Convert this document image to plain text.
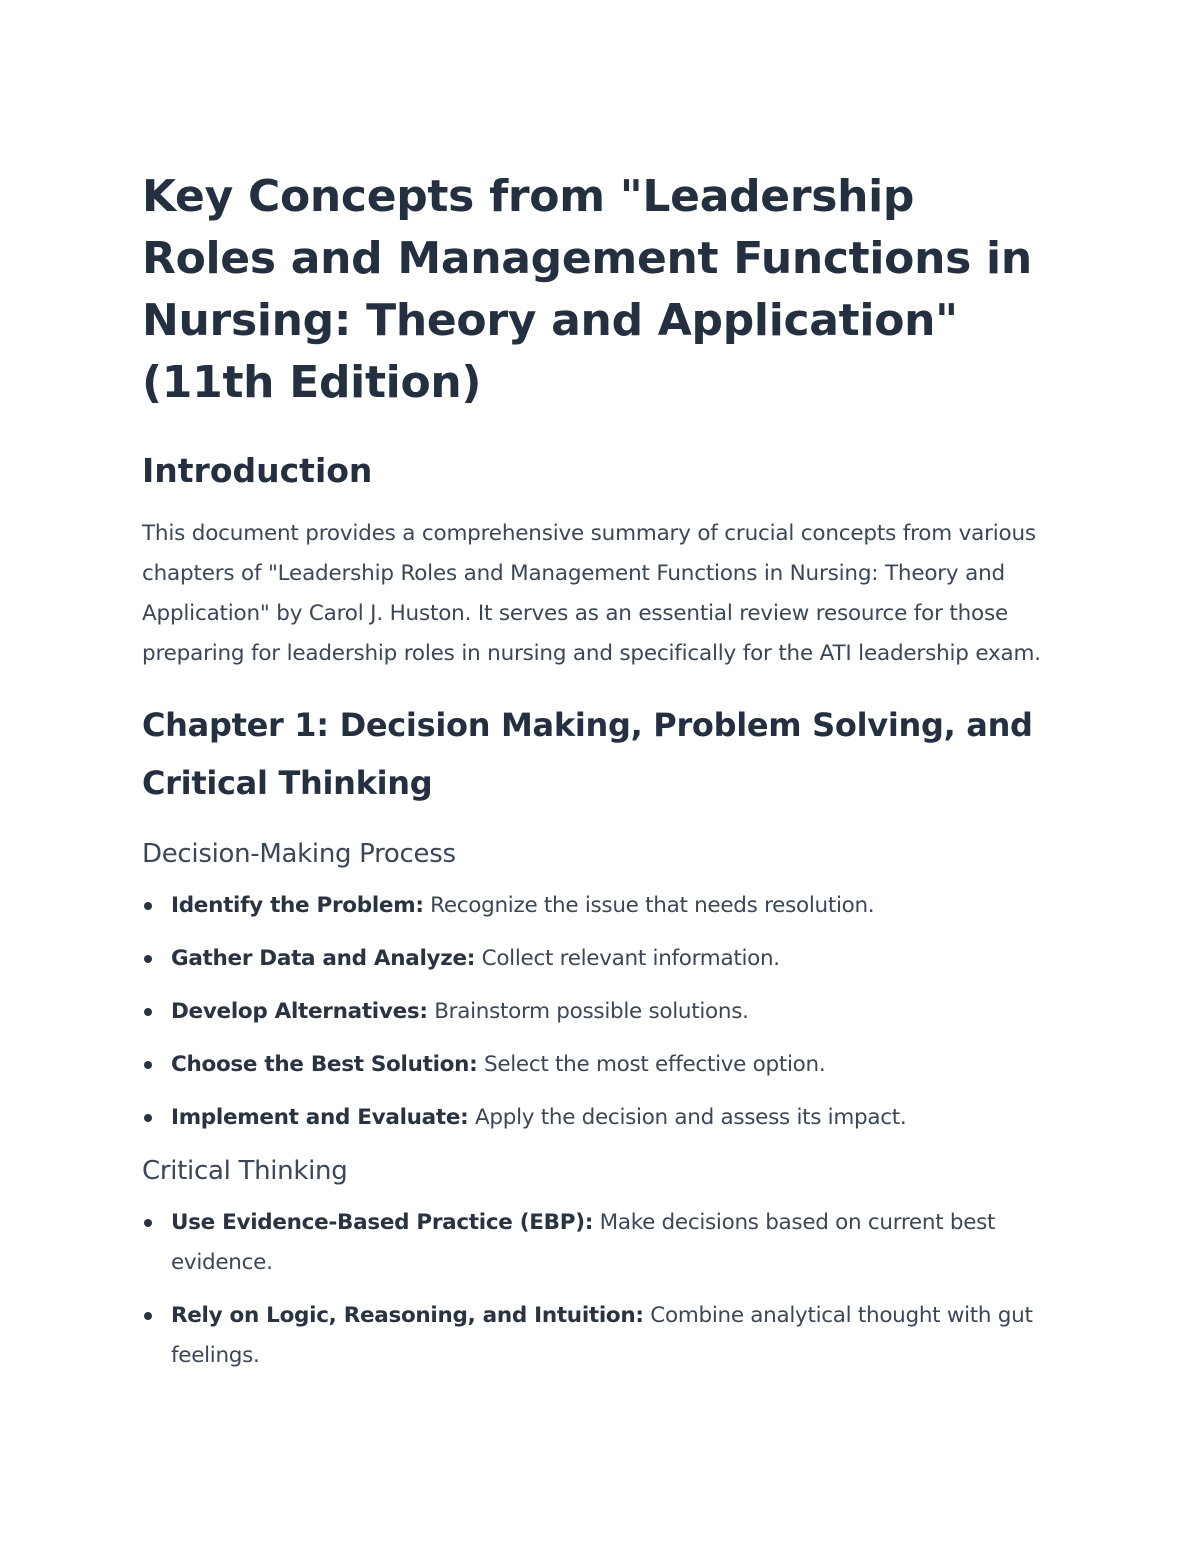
Key Concepts from "Leadership Roles and Management Functions in Nursing: Theory and Application" (11th Edition)
Introduction

This document provides a comprehensive summary of crucial concepts from various chapters of "Leadership Roles and Management Functions in Nursing: Theory and Application" by Carol J. Huston. It serves as an essential review resource for those preparing for leadership roles in nursing and specifically for the ATI leadership exam.

Chapter 1: Decision Making, Problem Solving, and Critical Thinking
Decision-Making Process
Identify the Problem: Recognize the issue that needs resolution.
Gather Data and Analyze: Collect relevant information.
Develop Alternatives: Brainstorm possible solutions.
Choose the Best Solution: Select the most effective option.
Implement and Evaluate: Apply the decision and assess its impact.
Critical Thinking
Use Evidence-Based Practice (EBP): Make decisions based on current best evidence.
Rely on Logic, Reasoning, and Intuition: Combine analytical thought with gut feelings.
